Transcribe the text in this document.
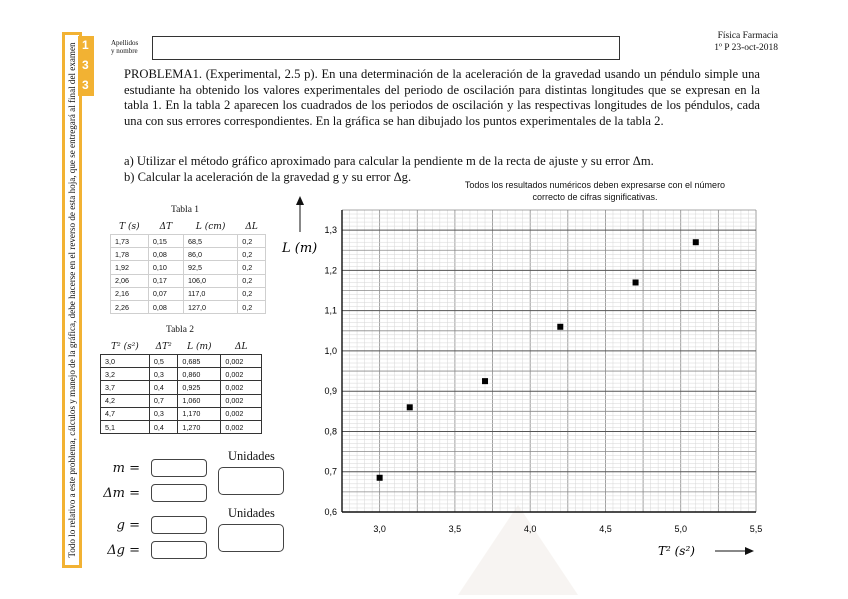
Todo lo relativo a este problema, cálculos y manejo de la gráfica, debe hacerse en el reverso de esta hoja, que se entregará al final del examen 1
3
3
Apellidos
y nombre
Física Farmacia
1º P 23-oct-2018
PROBLEMA1. (Experimental, 2.5 p). En una determinación de la aceleración de la gravedad usando un péndulo simple una estudiante ha obtenido los valores experimentales del periodo de oscilación para distintas longitudes que se expresan en la tabla 1. En la tabla 2 aparecen los cuadrados de los periodos de oscilación y las respectivas longitudes de los péndulos, cada una con sus errores correspondientes. En la gráfica se han dibujado los puntos experimentales de la tabla 2.
a) Utilizar el método gráfico aproximado para calcular la pendiente m de la recta de ajuste y su error Δm.
b) Calcular la aceleración de la gravedad g y su error Δg.
Todos los resultados numéricos deben expresarse con el número correcto de cifras significativas.
Tabla 1
T (s)	ΔT	L (cm)	ΔL
1,73	0,15	68,5	0,2
1,78	0,08	86,0	0,2
1,92	0,10	92,5	0,2
2,06	0,17	106,0	0,2
2,16	0,07	117,0	0,2
2,26	0,08	127,0	0,2
Tabla 2
T² (s²)	ΔT²	L (m)	ΔL
3,0	0,5	0,685	0,002
3,2	0,3	0,860	0,002
3,7	0,4	0,925	0,002
4,2	0,7	1,060	0,002
4,7	0,3	1,170	0,002
5,1	0,4	1,270	0,002
m =
Δm =
Unidades
g =
Δg =
Unidades
3,0	3,5	4,0	4,5	5,0	5,5
0,6
0,7
0,8
0,9
1,0
1,1
1,2
1,3
L (m)
T² (s²)
